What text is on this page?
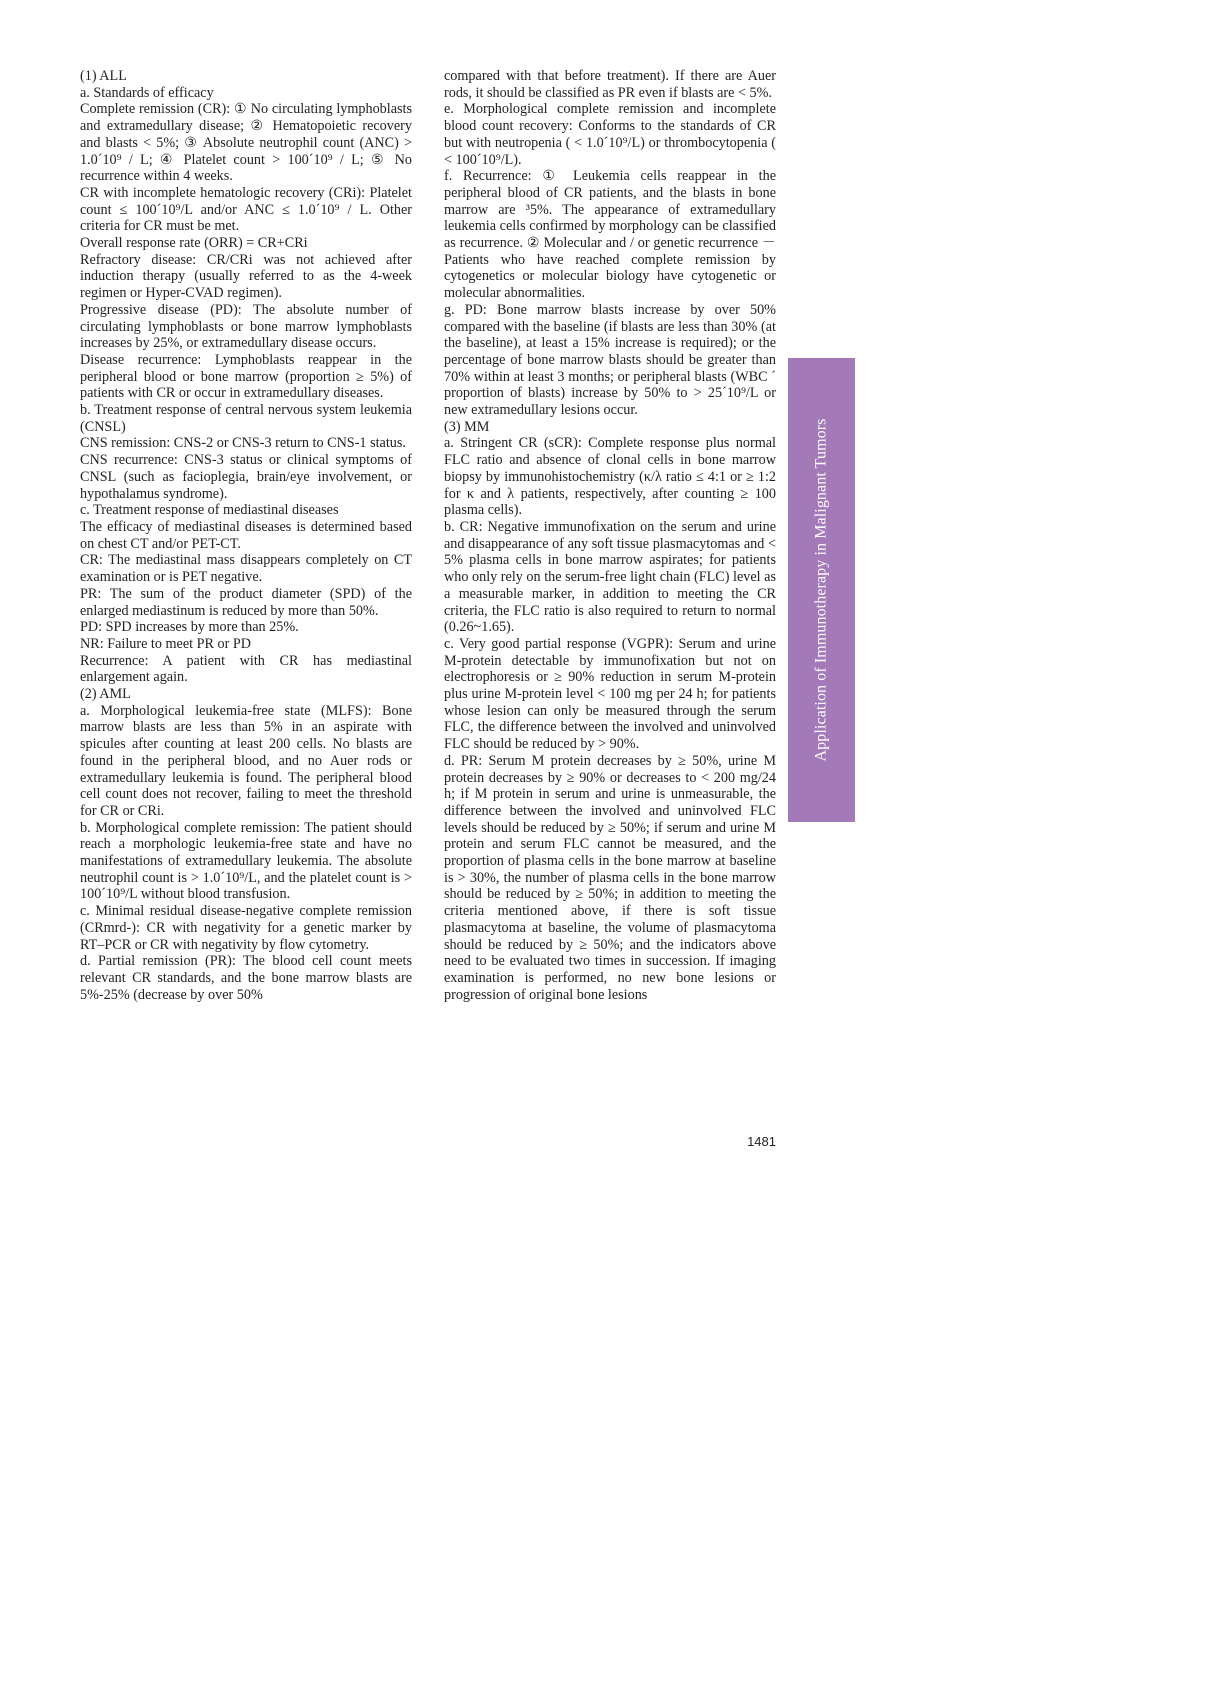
(1) ALL

a. Standards of efficacy

Complete remission (CR): ① No circulating lymphoblasts and extramedullary disease; ② Hematopoietic recovery and blasts < 5%; ③ Absolute neutrophil count (ANC) > 1.0´10⁹ / L; ④ Platelet count > 100´10⁹ / L; ⑤ No recurrence within 4 weeks.

CR with incomplete hematologic recovery (CRi): Platelet count ≤ 100´10⁹/L and/or ANC ≤ 1.0´10⁹ / L. Other criteria for CR must be met.

Overall response rate (ORR) = CR+CRi

Refractory disease: CR/CRi was not achieved after induction therapy (usually referred to as the 4-week regimen or Hyper-CVAD regimen).

Progressive disease (PD): The absolute number of circulating lymphoblasts or bone marrow lymphoblasts increases by 25%, or extramedullary disease occurs.

Disease recurrence: Lymphoblasts reappear in the peripheral blood or bone marrow (proportion ≥ 5%) of patients with CR or occur in extramedullary diseases.

b. Treatment response of central nervous system leukemia (CNSL)

CNS remission: CNS-2 or CNS-3 return to CNS-1 status.

CNS recurrence: CNS-3 status or clinical symptoms of CNSL (such as facioplegia, brain/eye involvement, or hypothalamus syndrome).

c. Treatment response of mediastinal diseases

The efficacy of mediastinal diseases is determined based on chest CT and/or PET-CT.

CR: The mediastinal mass disappears completely on CT examination or is PET negative.

PR: The sum of the product diameter (SPD) of the enlarged mediastinum is reduced by more than 50%.

PD: SPD increases by more than 25%.

NR: Failure to meet PR or PD

Recurrence: A patient with CR has mediastinal enlargement again.

(2) AML

a. Morphological leukemia-free state (MLFS): Bone marrow blasts are less than 5% in an aspirate with spicules after counting at least 200 cells. No blasts are found in the peripheral blood, and no Auer rods or extramedullary leukemia is found. The peripheral blood cell count does not recover, failing to meet the threshold for CR or CRi.

b. Morphological complete remission: The patient should reach a morphologic leukemia-free state and have no manifestations of extramedullary leukemia. The absolute neutrophil count is > 1.0´10⁹/L, and the platelet count is > 100´10⁹/L without blood transfusion.

c. Minimal residual disease-negative complete remission (CRmrd-): CR with negativity for a genetic marker by RT–PCR or CR with negativity by flow cytometry.

d. Partial remission (PR): The blood cell count meets relevant CR standards, and the bone marrow blasts are 5%-25% (decrease by over 50%

compared with that before treatment). If there are Auer rods, it should be classified as PR even if blasts are < 5%.

e. Morphological complete remission and incomplete blood count recovery: Conforms to the standards of CR but with neutropenia ( < 1.0´10⁹/L) or thrombocytopenia ( < 100´10⁹/L).

f. Recurrence: ① Leukemia cells reappear in the peripheral blood of CR patients, and the blasts in bone marrow are ³5%. The appearance of extramedullary leukemia cells confirmed by morphology can be classified as recurrence. ② Molecular and / or genetic recurrence － Patients who have reached complete remission by cytogenetics or molecular biology have cytogenetic or molecular abnormalities.

g. PD: Bone marrow blasts increase by over 50% compared with the baseline (if blasts are less than 30% (at the baseline), at least a 15% increase is required); or the percentage of bone marrow blasts should be greater than 70% within at least 3 months; or peripheral blasts (WBC ´ proportion of blasts) increase by 50% to > 25´10⁹/L or new extramedullary lesions occur.

(3) MM

a. Stringent CR (sCR): Complete response plus normal FLC ratio and absence of clonal cells in bone marrow biopsy by immunohistochemistry (κ/λ ratio ≤ 4:1 or ≥ 1:2 for κ and λ patients, respectively, after counting ≥ 100 plasma cells).

b. CR: Negative immunofixation on the serum and urine and disappearance of any soft tissue plasmacytomas and < 5% plasma cells in bone marrow aspirates; for patients who only rely on the serum-free light chain (FLC) level as a measurable marker, in addition to meeting the CR criteria, the FLC ratio is also required to return to normal (0.26~1.65).

c. Very good partial response (VGPR): Serum and urine M-protein detectable by immunofixation but not on electrophoresis or ≥ 90% reduction in serum M-protein plus urine M-protein level < 100 mg per 24 h; for patients whose lesion can only be measured through the serum FLC, the difference between the involved and uninvolved FLC should be reduced by > 90%.

d. PR: Serum M protein decreases by ≥ 50%, urine M protein decreases by ≥ 90% or decreases to < 200 mg/24 h; if M protein in serum and urine is unmeasurable, the difference between the involved and uninvolved FLC levels should be reduced by ≥ 50%; if serum and urine M protein and serum FLC cannot be measured, and the proportion of plasma cells in the bone marrow at baseline is > 30%, the number of plasma cells in the bone marrow should be reduced by ≥ 50%; in addition to meeting the criteria mentioned above, if there is soft tissue plasmacytoma at baseline, the volume of plasmacytoma should be reduced by ≥ 50%; and the indicators above need to be evaluated two times in succession. If imaging examination is performed, no new bone lesions or progression of original bone lesions

1481
Application of Immunotherapy in Malignant Tumors
